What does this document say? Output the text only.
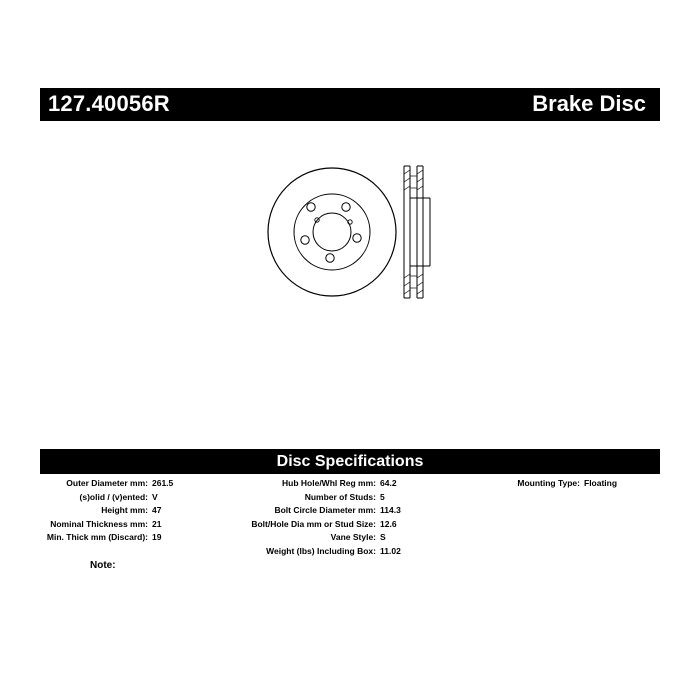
127.40056R	Brake Disc
Disc Specifications
Outer Diameter mm: 261.5
(s)olid / (v)ented: V
Height mm: 47
Nominal Thickness mm: 21
Min. Thick mm (Discard): 19
Hub Hole/Whl Reg mm: 64.2
Number of Studs: 5
Bolt Circle Diameter mm: 114.3
Bolt/Hole Dia mm or Stud Size: 12.6
Vane Style: S
Weight (lbs) Including Box: 11.02
Mounting Type: Floating
Note:
